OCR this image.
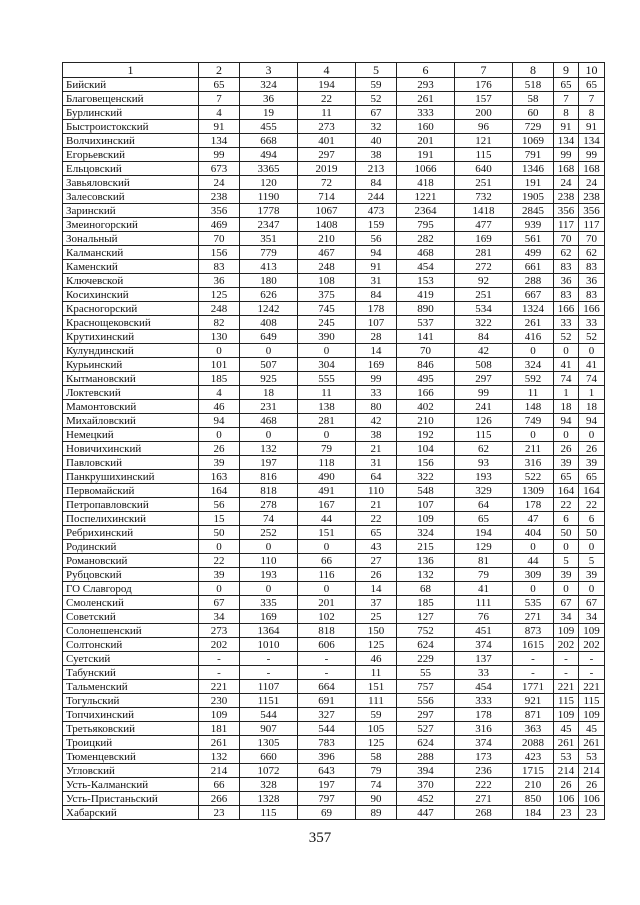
1	2	3	4	5	6	7	8	9	10
Бийский	65	324	194	59	293	176	518	65	65
Благовещенский	7	36	22	52	261	157	58	7	7
Бурлинский	4	19	11	67	333	200	60	8	8
Быстроистокский	91	455	273	32	160	96	729	91	91
Волчихинский	134	668	401	40	201	121	1069	134	134
Егорьевский	99	494	297	38	191	115	791	99	99
Ельцовский	673	3365	2019	213	1066	640	1346	168	168
Завьяловский	24	120	72	84	418	251	191	24	24
Залесовский	238	1190	714	244	1221	732	1905	238	238
Заринский	356	1778	1067	473	2364	1418	2845	356	356
Змеиногорский	469	2347	1408	159	795	477	939	117	117
Зональный	70	351	210	56	282	169	561	70	70
Калманский	156	779	467	94	468	281	499	62	62
Каменский	83	413	248	91	454	272	661	83	83
Ключевской	36	180	108	31	153	92	288	36	36
Косихинский	125	626	375	84	419	251	667	83	83
Красногорский	248	1242	745	178	890	534	1324	166	166
Краснощековский	82	408	245	107	537	322	261	33	33
Крутихинский	130	649	390	28	141	84	416	52	52
Кулундинский	0	0	0	14	70	42	0	0	0
Курьинский	101	507	304	169	846	508	324	41	41
Кытмановский	185	925	555	99	495	297	592	74	74
Локтевский	4	18	11	33	166	99	11	1	1
Мамонтовский	46	231	138	80	402	241	148	18	18
Михайловский	94	468	281	42	210	126	749	94	94
Немецкий	0	0	0	38	192	115	0	0	0
Новичихинский	26	132	79	21	104	62	211	26	26
Павловский	39	197	118	31	156	93	316	39	39
Панкрушихинский	163	816	490	64	322	193	522	65	65
Первомайский	164	818	491	110	548	329	1309	164	164
Петропавловский	56	278	167	21	107	64	178	22	22
Поспелихинский	15	74	44	22	109	65	47	6	6
Ребрихинский	50	252	151	65	324	194	404	50	50
Родинский	0	0	0	43	215	129	0	0	0
Романовский	22	110	66	27	136	81	44	5	5
Рубцовский	39	193	116	26	132	79	309	39	39
ГО Славгород	0	0	0	14	68	41	0	0	0
Смоленский	67	335	201	37	185	111	535	67	67
Советский	34	169	102	25	127	76	271	34	34
Солонешенский	273	1364	818	150	752	451	873	109	109
Солтонский	202	1010	606	125	624	374	1615	202	202
Суетский	-	-	-	46	229	137	-	-	-
Табунский	-	-	-	11	55	33	-	-	-
Тальменский	221	1107	664	151	757	454	1771	221	221
Тогульский	230	1151	691	111	556	333	921	115	115
Топчихинский	109	544	327	59	297	178	871	109	109
Третьяковский	181	907	544	105	527	316	363	45	45
Троицкий	261	1305	783	125	624	374	2088	261	261
Тюменцевский	132	660	396	58	288	173	423	53	53
Угловский	214	1072	643	79	394	236	1715	214	214
Усть-Калманский	66	328	197	74	370	222	210	26	26
Усть-Пристаньский	266	1328	797	90	452	271	850	106	106
Хабарский	23	115	69	89	447	268	184	23	23
357
